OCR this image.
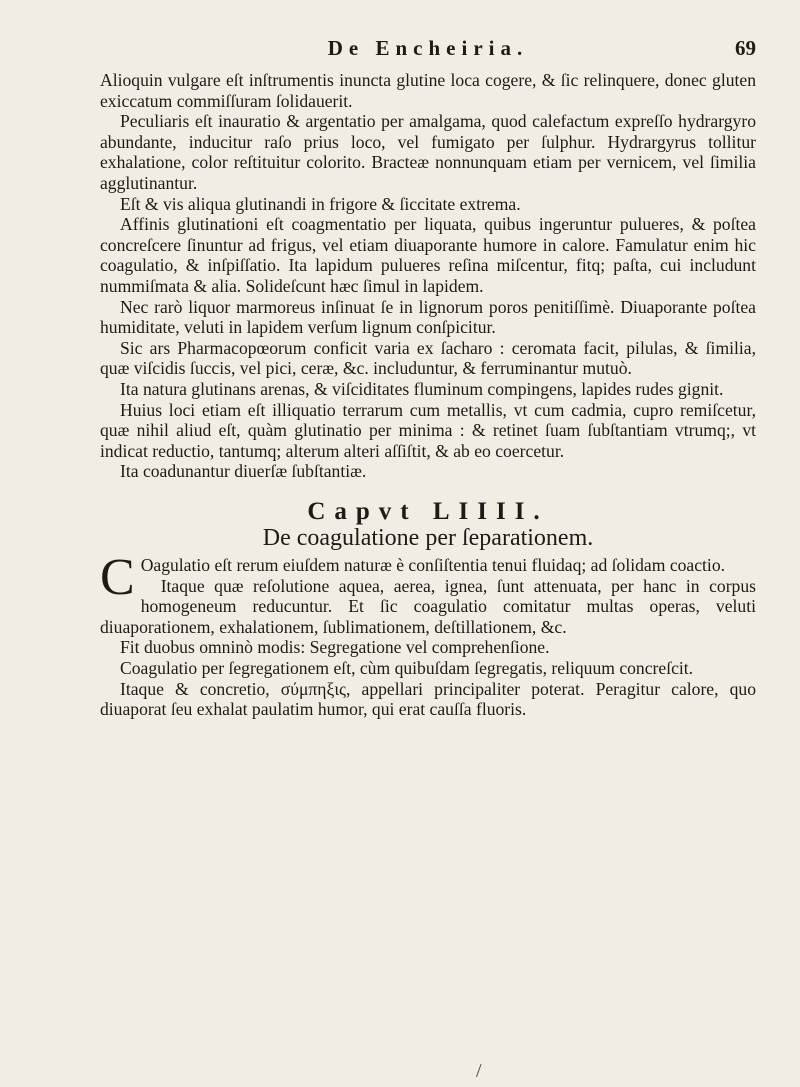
De Encheiria.	69

Alioquin vulgare eſt inſtrumentis inuncta glutine loca cogere, & ſic relinquere, donec gluten exiccatum commiſſuram ſolidauerit.

Peculiaris eſt inauratio & argentatio per amalgama, quod calefactum expreſſo hydrargyro abundante, inducitur raſo prius loco, vel fumigato per ſulphur. Hydrargyrus tollitur exhalatione, color reſtituitur colorito. Bracteæ nonnunquam etiam per vernicem, vel ſimilia agglutinantur.

Eſt & vis aliqua glutinandi in frigore & ſiccitate extrema.

Affinis glutinationi eſt coagmentatio per liquata, quibus ingeruntur pulueres, & poſtea concreſcere ſinuntur ad frigus, vel etiam diuaporante humore in calore. Famulatur enim hic coagulatio, & inſpiſſatio. Ita lapidum pulueres reſina miſcentur, fitq; paſta, cui includunt nummiſmata & alia. Solideſcunt hæc ſimul in lapidem.

Nec rarò liquor marmoreus inſinuat ſe in lignorum poros penitiſſimè. Diuaporante poſtea humiditate, veluti in lapidem verſum lignum conſpicitur.

Sic ars Pharmacopœorum conficit varia ex ſacharo : ceromata facit, pilulas, & ſimilia, quæ viſcidis ſuccis, vel pici, ceræ, &c. includuntur, & ferruminantur mutuò.

Ita natura glutinans arenas, & viſciditates fluminum compingens, lapides rudes gignit.

Huius loci etiam eſt illiquatio terrarum cum metallis, vt cum cadmia, cupro remiſcetur, quæ nihil aliud eſt, quàm glutinatio per minima : & retinet ſuam ſubſtantiam vtrumq;, vt indicat reductio, tantumq; alterum alteri aſſiſtit, & ab eo coercetur.

Ita coadunantur diuerſæ ſubſtantiæ.

Capvt LIIII.
De coagulatione per ſeparationem.

C Oagulatio eſt rerum eiuſdem naturæ è conſiſtentia tenui fluidaq; ad ſolidam coactio.

Itaque quæ reſolutione aquea, aerea, ignea, ſunt attenuata, per hanc in corpus homogeneum reducuntur. Et ſic coagulatio comitatur multas operas, veluti diuaporationem, exhalationem, ſublimationem, deſtillationem, &c.

Fit duobus omninò modis: Segregatione vel comprehenſione.

Coagulatio per ſegregationem eſt, cùm quibuſdam ſegregatis, reliquum concreſcit.

Itaque & concretio, σύμπηξις, appellari principaliter poterat. Peragitur calore, quo diuaporat ſeu exhalat paulatim humor, qui erat cauſſa fluoris.

/
